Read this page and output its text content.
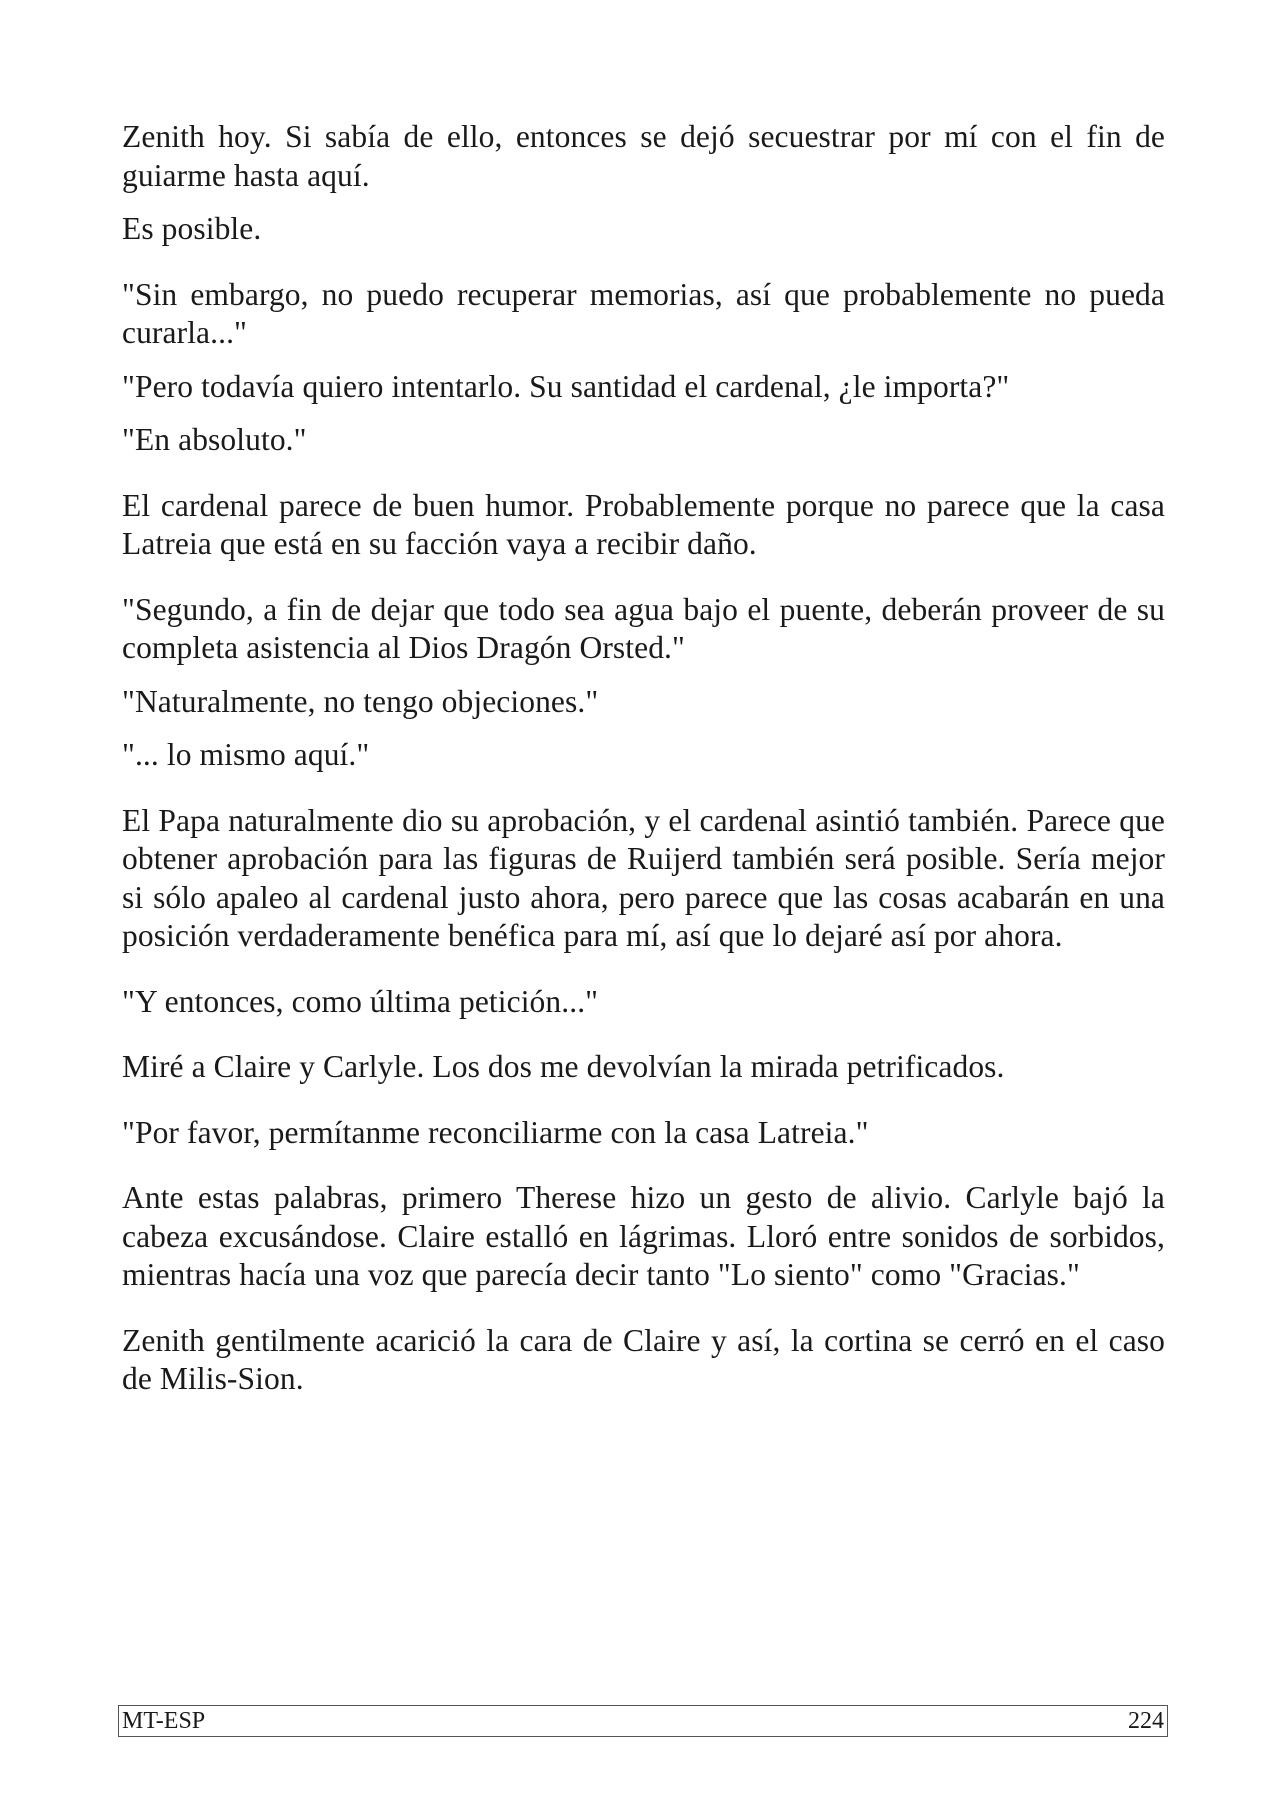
Zenith hoy. Si sabía de ello, entonces se dejó secuestrar por mí con el fin de guiarme hasta aquí.

Es posible.

"Sin embargo, no puedo recuperar memorias, así que probablemente no pueda curarla..."

"Pero todavía quiero intentarlo. Su santidad el cardenal, ¿le importa?"

"En absoluto."

El cardenal parece de buen humor. Probablemente porque no parece que la casa Latreia que está en su facción vaya a recibir daño.

"Segundo, a fin de dejar que todo sea agua bajo el puente, deberán proveer de su completa asistencia al Dios Dragón Orsted."

"Naturalmente, no tengo objeciones."

"... lo mismo aquí."

El Papa naturalmente dio su aprobación, y el cardenal asintió también. Parece que obtener aprobación para las figuras de Ruijerd también será posible. Sería mejor si sólo apaleo al cardenal justo ahora, pero parece que las cosas acabarán en una posición verdaderamente benéfica para mí, así que lo dejaré así por ahora.

"Y entonces, como última petición..."

Miré a Claire y Carlyle. Los dos me devolvían la mirada petrificados.

"Por favor, permítanme reconciliarme con la casa Latreia."

Ante estas palabras, primero Therese hizo un gesto de alivio. Carlyle bajó la cabeza excusándose. Claire estalló en lágrimas. Lloró entre sonidos de sorbidos, mientras hacía una voz que parecía decir tanto "Lo siento" como "Gracias."

Zenith gentilmente acarició la cara de Claire y así, la cortina se cerró en el caso de Milis-Sion.

MT-ESP	224
